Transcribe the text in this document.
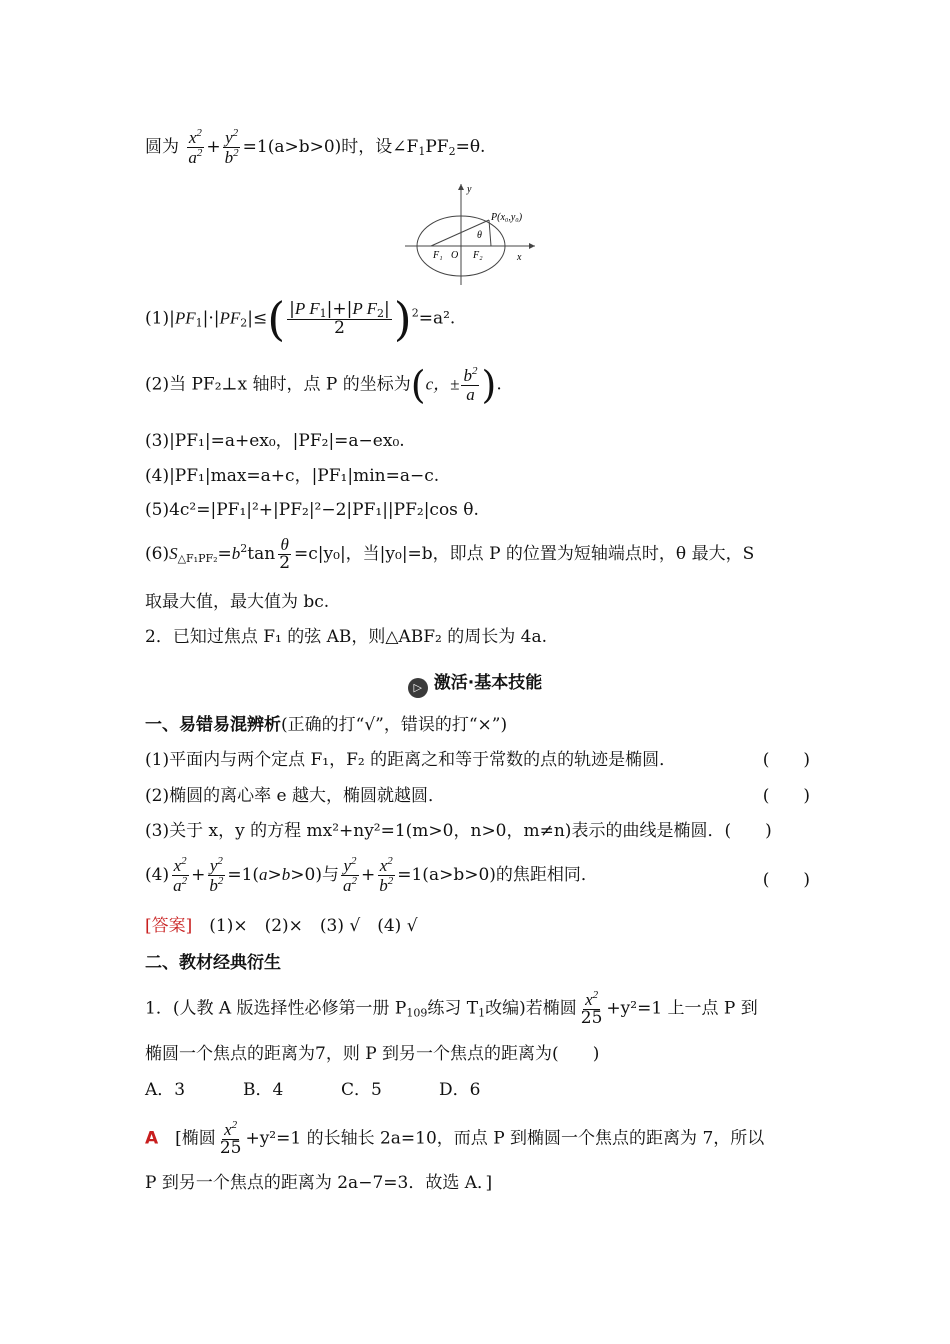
圆为 $\frac{x^2}{a^2} + \frac{y^2}{b^2} =1(a>b>0)$时，设$\angle F_1PF_2=\theta$.
y
x
P(x₀,y₀)
θ
F₁ O F₂
$(1)|PF_1|\cdot|PF_2|\le( \frac{|P F_1|+|P F_2|}{2} )^2=a^2$.
(2)当 PF₂⊥x 轴时，点 P 的坐标为(c，± $\frac{b^2}{a}$ ).
(3)|PF₁|=a+ex₀，|PF₂|=a−ex₀.
(4)|PF₁|max=a+c，|PF₁|min=a−c.
(5)4c²=|PF₁|²+|PF₂|²−2|PF₁||PF₂|cos θ.
$(6)S_{\triangle F_1PF_2}=b^2\tan \frac{\theta}{2} =c|y_0|$，当|y₀|=b，即点 P 的位置为短轴端点时，θ 最大，S
取最大值，最大值为 bc.
2．已知过焦点 F₁ 的弦 AB，则△ABF₂ 的周长为 4a.
▷ 激活·基本技能
一、易错易混辨析(正确的打“√”，错误的打“×”)
(1)平面内与两个定点 F₁，F₂ 的距离之和等于常数的点的轨迹是椭圆．	(　　)
(2)椭圆的离心率 e 越大，椭圆就越圆．	(　　)
(3)关于 x，y 的方程 mx²+ny²=1(m>0，n>0，m≠n)表示的曲线是椭圆．(　　)
$(4) \frac{x^2}{a^2} + \frac{y^2}{b^2} =1(a>b>0)$与 $\frac{y^2}{a^2} + \frac{x^2}{b^2} =1(a>b>0)$的焦距相同．	(　　)
[答案]　 (1)×　(2)×　(3) √　(4) √
二、教材经典衍生
1．(人教 A 版选择性必修第一册 $P_{109}$练习 $T_1$改编)若椭圆 $\frac{x^2}{25} +y^2=1$ 上一点 P 到
椭圆一个焦点的距离为7，则 P 到另一个焦点的距离为(　　)
A．3	B．4	C．5	D．6
A　 [椭圆 $\frac{x^2}{25} +y^2=1$ 的长轴长 2a=10，而点 P 到椭圆一个焦点的距离为 7，所以
P 到另一个焦点的距离为 2a−7=3．故选 A．]
